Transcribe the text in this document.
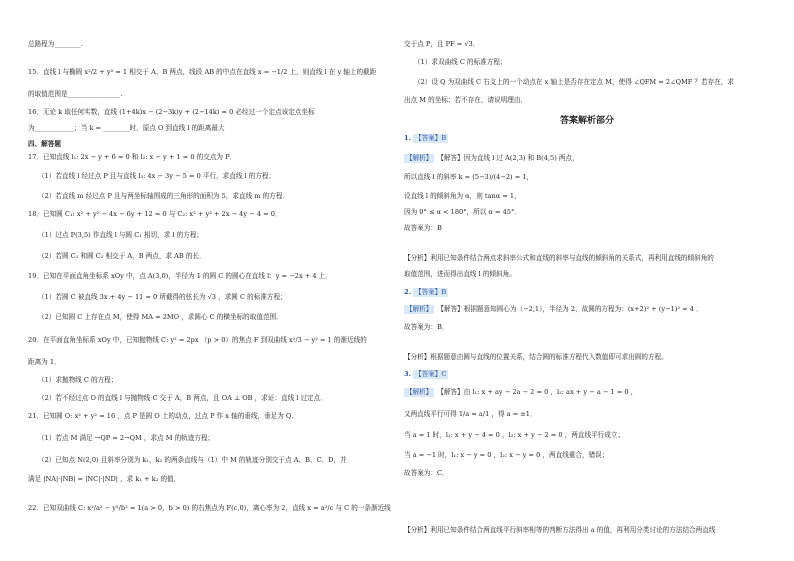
总路程为________.
15．直线 l 与椭圆 x²/2 + y² = 1 相交于 A、B 两点，线段 AB 的中点在直线 x = −1/2 上，则直线 l 在 y 轴上的截距
的取值范围是________________.
16．无论 k 取任何实数，直线 (1+4k)x − (2−3k)y + (2−14k) = 0 必经过一个定点该定点坐标
为____________；当 k = ________时，原点 O 到直线 l 的距离最大
四、解答题
17．已知直线 l₁: 2x − y + 6 = 0 和 l₂: x − y + 1 = 0 的交点为 P．
（1）若直线 l 经过点 P 且与直线 l₃: 4x − 3y − 5 = 0 平行，求直线 l 的方程；
（2）若直线 m 经过点 P 且与两坐标轴围成的三角形的面积为 5，求直线 m 的方程．
18．已知圆 C₁: x² + y² − 4x − 6y + 12 = 0 与 C₂: x² + y² + 2x − 4y − 4 = 0．
（1）过点 P(3,5) 作直线 l 与圆 C₁ 相切，求 l 的方程；
（2）若圆 C₁ 和圆 C₂ 相交于 A，B 两点，求 AB 的长．
19．已知在平面直角坐标系 xOy 中，点 A(3,0)，半径为 1 的圆 C 的圆心在直线 l：y = −2x + 4 上．
（1）若圆 C 被直线 3x + 4y − 11 = 0 所截得的弦长为 √3 ，求圆 C 的标准方程；
（2）已知圆 C 上存在点 M，使得 MA = 2MO ，求圆心 C 的横坐标的取值范围．
20．在平面直角坐标系 xOy 中，已知抛物线 C: y² = 2px （p > 0）的焦点 F 到双曲线 x²/3 − y² = 1 的渐近线的
距离为 1．
（1）求抛物线 C 的方程；
（2）若不经过点 O 的直线 l 与抛物线 C 交于 A，B 两点，且 OA ⊥ OB ，求证：直线 l 过定点．
21．已知圆 O: x² + y² = 16 ，点 P 是圆 O 上的动点，过点 P 作 x 轴的垂线，垂足为 Q．
（1）若点 M 满足 →QP = 2→QM ，求点 M 的轨迹方程；
（2）已知点 N(2,0) 且斜率分别为 k₁，k₂ 的两条直线与（1）中 M 的轨迹分别交于点 A、B、C、D，并
满足 |NA|·|NB| = |NC|·|ND| ，求 k₁ + k₂ 的值．
22．已知双曲线 C: x²/a² − y²/b² = 1(a > 0，b > 0) 的右焦点为 F(c,0)，离心率为 2，直线 x = a²/c 与 C 的一条渐近线
交于点 P，且 PF = √3．
（1）求双曲线 C 的标准方程；
（2）设 Q 为双曲线 C 右支上的一个动点在 x 轴上是否存在定点 M，使得 ∠QFM = 2∠QMF ？若存在，求
出点 M 的坐标；若不存在，请说明理由．
答案解析部分
1. 【答案】B
【解析】 【解答】因为直线 l 过 A(2,3) 和 B(4,5) 两点，
所以直线 l 的斜率 k = (5−3)/(4−2) = 1，
设直线 l 的倾斜角为 α，则 tanα = 1，
因为 0° ≤ α < 180°，所以 α = 45°．
故答案为：B
【分析】利用已知条件结合两点求斜率公式和直线的斜率与直线的倾斜角的关系式，再利用直线的倾斜角的
取值范围，进而得出直线 l 的倾斜角。
2. 【答案】B
【解析】 【解答】根据题意知圆心为（−2,1），半径为 2，故圆的方程为：(x+2)² + (y−1)² = 4 ．
故答案为：B．
【分析】根据题意由圆与直线的位置关系，结合圆的标准方程代入数值即可求出圆的方程。
3. 【答案】C
【解析】 【解答】由 l₁: x + ay − 2a − 2 = 0 ，l₂: ax + y − a − 1 = 0 ，
又两直线平行可得 1/a = a/1 ，得 a = ±1．
当 a = 1 时，l₁: x + y − 4 = 0 ，l₂: x + y − 2 = 0 ，两直线平行成立；
当 a = −1 时，l₁: x − y = 0 ，l₂: x − y = 0 ，两直线重合，错误；
故答案为：C．
【分析】利用已知条件结合两直线平行斜率相等的判断方法得出 a 的值，再利用分类讨论的方法结合两直线
